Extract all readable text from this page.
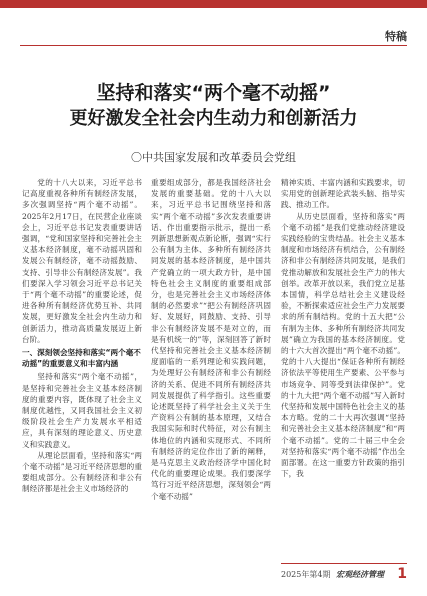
特稿
坚持和落实“两个毫不动摇”
更好激发全社会内生动力和创新活力
〇中共国家发展和改革委员会党组

党的十八大以来，习近平总书记高度重视各种所有制经济发展，多次强调坚持“两个毫不动摇”。2025年2月17日，在民营企业座谈会上，习近平总书记发表重要讲话强调，“党和国家坚持和完善社会主义基本经济制度，毫不动摇巩固和发展公有制经济，毫不动摇鼓励、支持、引导非公有制经济发展”。我们要深入学习领会习近平总书记关于“两个毫不动摇”的重要论述，促进各种所有制经济优势互补、共同发展，更好激发全社会内生动力和创新活力，推动高质量发展迈上新台阶。

一、深刻领会坚持和落实“两个毫不动摇”的重要意义和丰富内涵

坚持和落实“两个毫不动摇”，是坚持和完善社会主义基本经济制度的重要内容，既体现了社会主义制度优越性，又同我国社会主义初级阶段社会生产力发展水平相适应，具有深刻的理论意义、历史意义和实践意义。

从理论层面看，坚持和落实“两个毫不动摇”是习近平经济思想的重要组成部分。公有制经济和非公有制经济都是社会主义市场经济的

重要组成部分，都是我国经济社会发展的重要基础。党的十八大以来，习近平总书记围绕坚持和落实“两个毫不动摇”多次发表重要讲话、作出重要指示批示，提出一系列新思想新观点新论断，强调“实行公有制为主体、多种所有制经济共同发展的基本经济制度，是中国共产党确立的一项大政方针，是中国特色社会主义制度的重要组成部分，也是完善社会主义市场经济体制的必然要求”“把公有制经济巩固好、发展好，同鼓励、支持、引导非公有制经济发展不是对立的，而是有机统一的”等，深刻回答了新时代坚持和完善社会主义基本经济制度面临的一系列理论和实践问题，为处理好公有制经济和非公有制经济的关系、促进不同所有制经济共同发展提供了科学指引。这些重要论述既坚持了科学社会主义关于生产资料公有制的基本原理，又结合我国实际和时代特征，对公有制主体地位的内涵和实现形式、不同所有制经济的定位作出了新的阐释，是马克思主义政治经济学中国化时代化的重要理论成果。我们要深学笃行习近平经济思想，深刻领会“两个毫不动摇”

精神实质、丰富内涵和实践要求，切实用党的创新理论武装头脑、指导实践、推动工作。

从历史层面看，坚持和落实“两个毫不动摇”是我们党推动经济建设实践经验的宝贵结晶。社会主义基本制度和市场经济有机结合，公有制经济和非公有制经济共同发展，是我们党推动解放和发展社会生产力的伟大创举。改革开放以来，我们党立足基本国情，科学总结社会主义建设经验，不断探索适应社会生产力发展要求的所有制结构。党的十五大把“公有制为主体、多种所有制经济共同发展”确立为我国的基本经济制度。党的十六大首次提出“两个毫不动摇”。党的十八大提出“保证各种所有制经济依法平等使用生产要素、公平参与市场竞争、同等受到法律保护”。党的十九大把“两个毫不动摇”写入新时代坚持和发展中国特色社会主义的基本方略。党的二十大再次强调“坚持和完善社会主义基本经济制度”和“两个毫不动摇”。党的二十届三中全会对坚持和落实“两个毫不动摇”作出全面部署。在这一重要方针政策的指引下，我

2025年第4期 宏观经济管理 1
